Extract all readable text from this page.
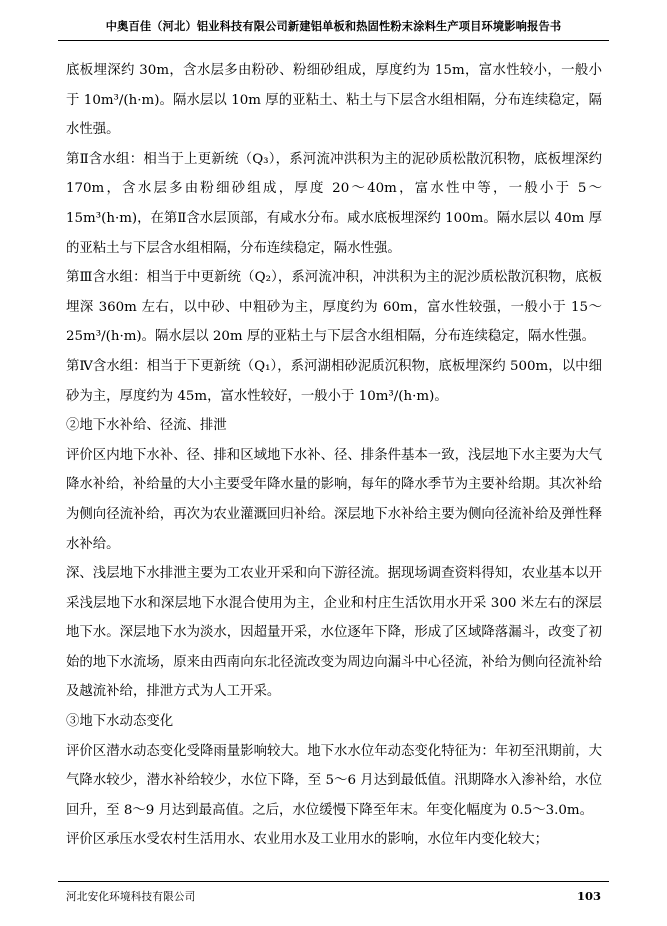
中奥百佳（河北）铝业科技有限公司新建铝单板和热固性粉末涂料生产项目环境影响报告书

底板埋深约 30m，含水层多由粉砂、粉细砂组成，厚度约为 15m，富水性较小，一般小于 10m³/(h·m)。隔水层以 10m 厚的亚粘土、粘土与下层含水组相隔，分布连续稳定，隔水性强。

第Ⅱ含水组：相当于上更新统（Q₃），系河流冲洪积为主的泥砂质松散沉积物，底板埋深约 170m，含水层多由粉细砂组成，厚度 20～40m，富水性中等，一般小于 5～15m³(h·m)，在第Ⅱ含水层顶部，有咸水分布。咸水底板埋深约 100m。隔水层以 40m 厚的亚粘土与下层含水组相隔，分布连续稳定，隔水性强。

第Ⅲ含水组：相当于中更新统（Q₂），系河流冲积，冲洪积为主的泥沙质松散沉积物，底板埋深 360m 左右，以中砂、中粗砂为主，厚度约为 60m，富水性较强，一般小于 15～25m³/(h·m)。隔水层以 20m 厚的亚粘土与下层含水组相隔，分布连续稳定，隔水性强。

第Ⅳ含水组：相当于下更新统（Q₁），系河湖相砂泥质沉积物，底板埋深约 500m，以中细砂为主，厚度约为 45m，富水性较好，一般小于 10m³/(h·m)。

②地下水补给、径流、排泄

评价区内地下水补、径、排和区域地下水补、径、排条件基本一致，浅层地下水主要为大气降水补给，补给量的大小主要受年降水量的影响，每年的降水季节为主要补给期。其次补给为侧向径流补给，再次为农业灌溉回归补给。深层地下水补给主要为侧向径流补给及弹性释水补给。

深、浅层地下水排泄主要为工农业开采和向下游径流。据现场调查资料得知，农业基本以开采浅层地下水和深层地下水混合使用为主，企业和村庄生活饮用水开采 300 米左右的深层地下水。深层地下水为淡水，因超量开采，水位逐年下降，形成了区域降落漏斗，改变了初始的地下水流场，原来由西南向东北径流改变为周边向漏斗中心径流，补给为侧向径流补给及越流补给，排泄方式为人工开采。

③地下水动态变化

评价区潜水动态变化受降雨量影响较大。地下水水位年动态变化特征为：年初至汛期前，大气降水较少，潜水补给较少，水位下降，至 5～6 月达到最低值。汛期降水入渗补给，水位回升，至 8～9 月达到最高值。之后，水位缓慢下降至年末。年变化幅度为 0.5～3.0m。

评价区承压水受农村生活用水、农业用水及工业用水的影响，水位年内变化较大；

河北安化环境科技有限公司	103
